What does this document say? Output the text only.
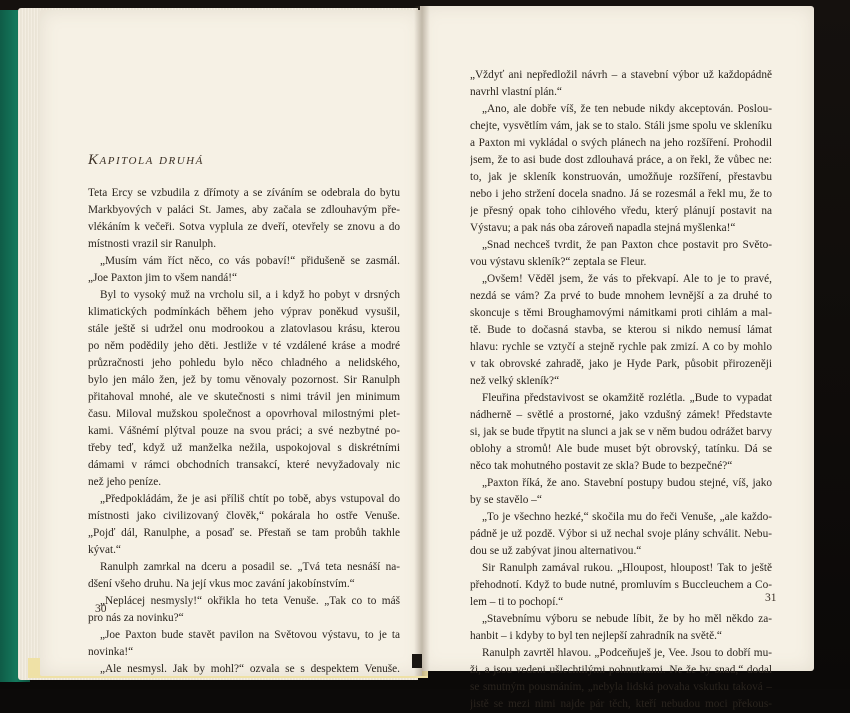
Kapitola druhá
Teta Ercy se vzbudila z dřímoty a se zíváním se odebrala do bytu
Markbyových v paláci St. James, aby začala se zdlouhavým pře-
vlékáním k večeři. Sotva vyplula ze dveří, otevřely se znovu a do
místnosti vrazil sir Ranulph.
„Musím vám říct něco, co vás pobaví!“ přidušeně se zasmál.
„Joe Paxton jim to všem nandá!“
Byl to vysoký muž na vrcholu sil, a i když ho pobyt v drsných
klimatických podmínkách během jeho výprav poněkud vysušil,
stále ještě si udržel onu modrookou a zlatovlasou krásu, kterou
po něm podědily jeho děti. Jestliže v té vzdálené kráse a modré
průzračnosti jeho pohledu bylo něco chladného a nelidského,
bylo jen málo žen, jež by tomu věnovaly pozornost. Sir Ranulph
přitahoval mnohé, ale ve skutečnosti s nimi trávil jen minimum
času. Miloval mužskou společnost a opovrhoval milostnými plet-
kami. Vášnémí plýtval pouze na svou práci; a své nezbytné po-
třeby teď, když už manželka nežila, uspokojoval s diskrétními
dámami v rámci obchodních transakcí, které nevyžadovaly nic
než jeho peníze.
„Předpokládám, že je asi příliš chtít po tobě, abys vstupoval do
místnosti jako civilizovaný člověk,“ pokárala ho ostře Venuše.
„Pojď dál, Ranulphe, a posaď se. Přestaň se tam probůh takhle
kývat.“
Ranulph zamrkal na dceru a posadil se. „Tvá teta nesnáší na-
dšení všeho druhu. Na její vkus moc zavání jakobínstvím.“
„Neplácej nesmysly!“ okřikla ho teta Venuše. „Tak co to máš
pro nás za novinku?“
„Joe Paxton bude stavět pavilon na Světovou výstavu, to je ta
novinka!“
„Ale nesmysl. Jak by mohl?“ ozvala se s despektem Venuše.
30
„Vždyť ani nepředložil návrh – a stavební výbor už každopádně
navrhl vlastní plán.“
„Ano, ale dobře víš, že ten nebude nikdy akceptován. Poslou-
chejte, vysvětlím vám, jak se to stalo. Stáli jsme spolu ve skleníku
a Paxton mi vykládal o svých plánech na jeho rozšíření. Prohodil
jsem, že to asi bude dost zdlouhavá práce, a on řekl, že vůbec ne:
to, jak je skleník konstruován, umožňuje rozšíření, přestavbu
nebo i jeho stržení docela snadno. Já se rozesmál a řekl mu, že to
je přesný opak toho cihlového vředu, který plánují postavit na
Výstavu; a pak nás oba zároveň napadla stejná myšlenka!“
„Snad nechceš tvrdit, že pan Paxton chce postavit pro Světo-
vou výstavu skleník?“ zeptala se Fleur.
„Ovšem! Věděl jsem, že vás to překvapí. Ale to je to pravé,
nezdá se vám? Za prvé to bude mnohem levnější a za druhé to
skoncuje s těmi Broughamovými námitkami proti cihlám a mal-
tě. Bude to dočasná stavba, se kterou si nikdo nemusí lámat
hlavu: rychle se vztyčí a stejně rychle pak zmizí. A co by mohlo
v tak obrovské zahradě, jako je Hyde Park, působit přirozeněji
než velký skleník?“
Fleuřina představivost se okamžitě rozlétla. „Bude to vypadat
nádherně – světlé a prostorné, jako vzdušný zámek! Představte
si, jak se bude třpytit na slunci a jak se v něm budou odrážet barvy
oblohy a stromů! Ale bude muset být obrovský, tatínku. Dá se
něco tak mohutného postavit ze skla? Bude to bezpečné?“
„Paxton říká, že ano. Stavební postupy budou stejné, víš, jako
by se stavělo –“
„To je všechno hezké,“ skočila mu do řeči Venuše, „ale každo-
pádně je už pozdě. Výbor si už nechal svoje plány schválit. Nebu-
dou se už zabývat jinou alternativou.“
Sir Ranulph zamával rukou. „Hloupost, hloupost! Tak to ještě
přehodnotí. Když to bude nutné, promluvím s Buccleuchem a Co-
lem – ti to pochopí.“
„Stavebnímu výboru se nebude líbit, že by ho měl někdo za-
hanbit – i kdyby to byl ten nejlepší zahradník na světě.“
Ranulph zavrtěl hlavou. „Podceňuješ je, Vee. Jsou to dobří mu-
ži, a jsou vedeni ušlechtilými pohnutkami. Ne že by snad,“ dodal
se smutným pousmáním, „nebyla lidská povaha vskutku taková –
jistě se mezi nimi najde pár těch, kteří nebudou moci překous-
31
